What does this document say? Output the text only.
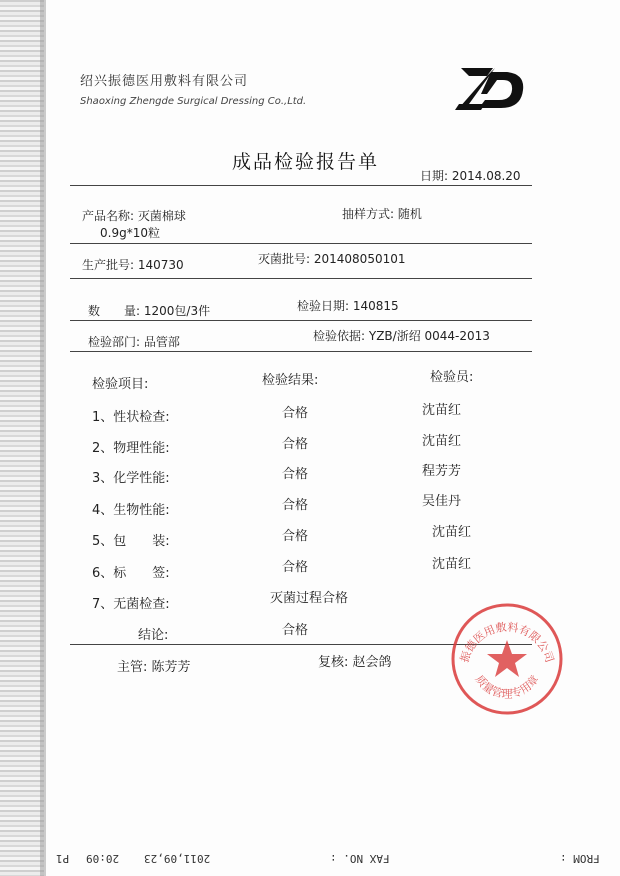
绍兴振德医用敷料有限公司
Shaoxing Zhengde Surgical Dressing Co.,Ltd.
成品检验报告单
日期: 2014.08.20
产品名称: 灭菌棉球
0.9g*10粒
抽样方式: 随机
生产批号: 140730	灭菌批号: 201408050101
数　　量: 1200包/3件	检验日期: 140815
检验部门: 品管部	检验依据: YZB/浙绍 0044-2013
检验项目:	检验结果:	检验员:
1、性状检查:	合格	沈苗红
2、物理性能:	合格	沈苗红
3、化学性能:	合格	程芳芳
4、生物性能:	合格	吴佳丹
5、包　　装:	合格	沈苗红
6、标　　签:	合格	沈苗红
7、无菌检查:	灭菌过程合格
结论:	合格
主管: 陈芳芳	复核: 赵会鸽	振德医用敷料有限公司
质量管理专用章
P1 20:09 2011,09,23	FAX NO. :	FROM :
